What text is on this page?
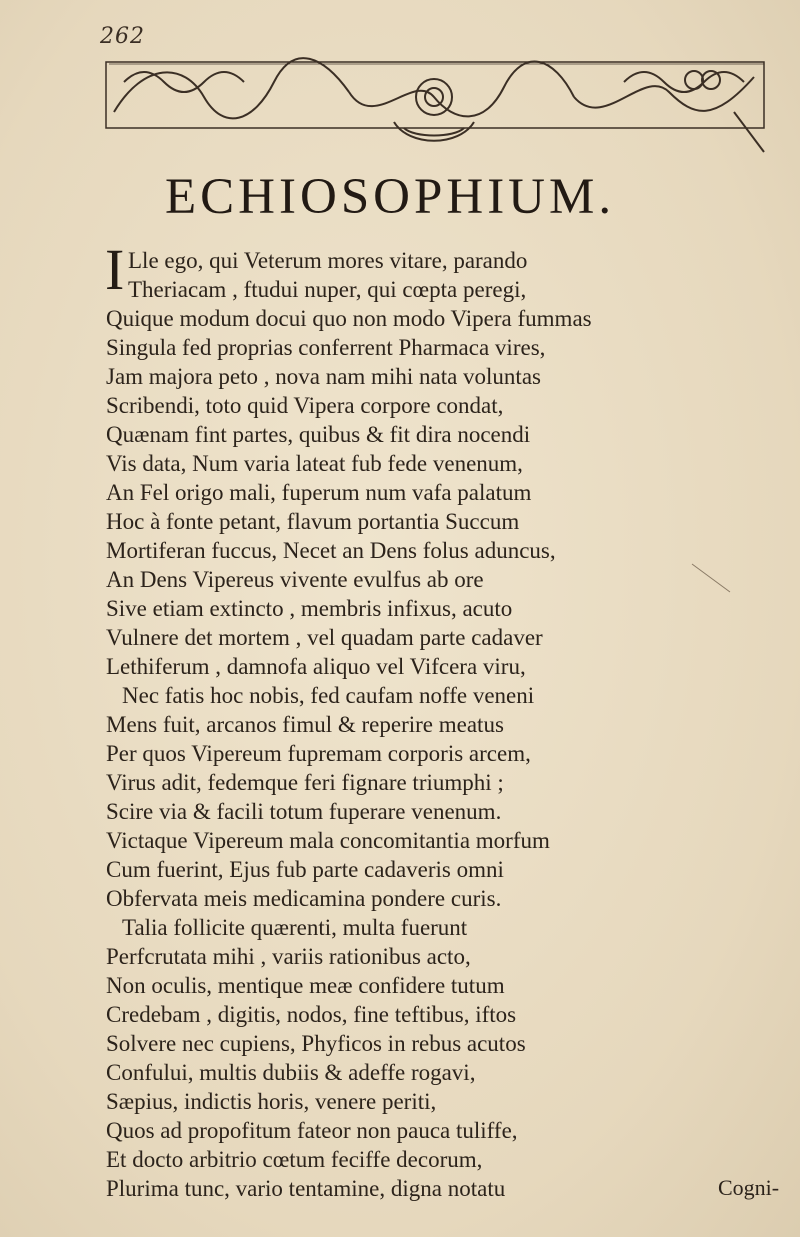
262
ECHIOSOPHIUM.
I Lle ego, qui Veterum mores vitare, parando
Theriacam , ftudui nuper, qui cœpta peregi,
Quique modum docui quo non modo Vipera fummas
Singula fed proprias conferrent Pharmaca vires,
Jam majora peto , nova nam mihi nata voluntas
Scribendi, toto quid Vipera corpore condat,
Quænam fint partes, quibus & fit dira nocendi
Vis data, Num varia lateat fub fede venenum,
An Fel origo mali, fuperum num vafa palatum
Hoc à fonte petant, flavum portantia Succum
Mortiferan fuccus, Necet an Dens folus aduncus,
An Dens Vipereus vivente evulfus ab ore
Sive etiam extincto , membris infixus, acuto
Vulnere det mortem , vel quadam parte cadaver
Lethiferum , damnofa aliquo vel Vifcera viru,
Nec fatis hoc nobis, fed caufam noffe veneni
Mens fuit, arcanos fimul & reperire meatus
Per quos Vipereum fupremam corporis arcem,
Virus adit, fedemque feri fignare triumphi ;
Scire via & facili totum fuperare venenum.
Victaque Vipereum mala concomitantia morfum
Cum fuerint, Ejus fub parte cadaveris omni
Obfervata meis medicamina pondere curis.
Talia follicite quærenti, multa fuerunt
Perfcrutata mihi , variis rationibus acto,
Non oculis, mentique meæ confidere tutum
Credebam , digitis, nodos, fine teftibus, iftos
Solvere nec cupiens, Phyficos in rebus acutos
Confului, multis dubiis & adeffe rogavi,
Sæpius, indictis horis, venere periti,
Quos ad propofitum fateor non pauca tuliffe,
Et docto arbitrio cœtum feciffe decorum,
Plurima tunc, vario tentamine, digna notatu	Cogni-
